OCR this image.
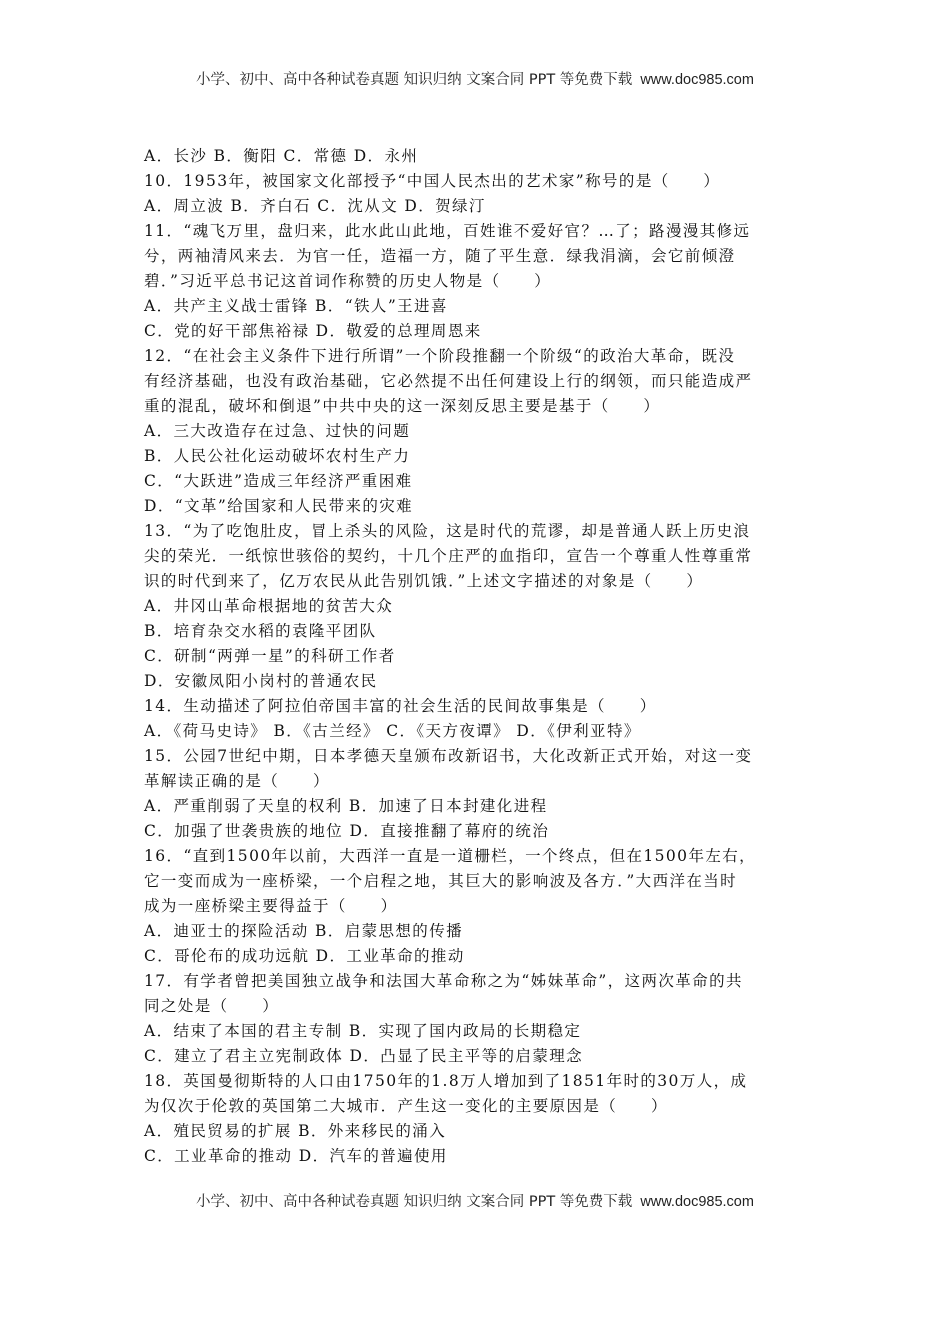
小学、初中、高中各种试卷真题 知识归纳 文案合同 PPT 等免费下载 www.doc985.com
A．长沙 B．衡阳 C．常德 D．永州
10．1953年，被国家文化部授予“中国人民杰出的艺术家”称号的是（　　）
A．周立波 B．齐白石 C．沈从文 D．贺绿汀
11．“魂飞万里，盘归来，此水此山此地，百姓谁不爱好官？…了；路漫漫其修远
兮，两袖清风来去．为官一任，造福一方，随了平生意．绿我涓滴，会它前倾澄
碧．”习近平总书记这首词作称赞的历史人物是（　　）
A．共产主义战士雷锋 B．“铁人”王进喜
C．党的好干部焦裕禄 D．敬爱的总理周恩来
12．“在社会主义条件下进行所谓”一个阶段推翻一个阶级“的政治大革命，既没
有经济基础，也没有政治基础，它必然提不出任何建设上行的纲领，而只能造成严
重的混乱，破坏和倒退”中共中央的这一深刻反思主要是基于（　　）
A．三大改造存在过急、过快的问题
B．人民公社化运动破坏农村生产力
C．“大跃进”造成三年经济严重困难
D．“文革”给国家和人民带来的灾难
13．“为了吃饱肚皮，冒上杀头的风险，这是时代的荒谬，却是普通人跃上历史浪
尖的荣光．一纸惊世骇俗的契约，十几个庄严的血指印，宣告一个尊重人性尊重常
识的时代到来了，亿万农民从此告别饥饿．”上述文字描述的对象是（　　）
A．井冈山革命根据地的贫苦大众
B．培育杂交水稻的袁隆平团队
C．研制“两弹一星”的科研工作者
D．安徽凤阳小岗村的普通农民
14．生动描述了阿拉伯帝国丰富的社会生活的民间故事集是（　　）
A．《荷马史诗》 B．《古兰经》 C．《天方夜谭》 D．《伊利亚特》
15．公园7世纪中期，日本孝德天皇颁布改新诏书，大化改新正式开始，对这一变
革解读正确的是（　　）
A．严重削弱了天皇的权利 B．加速了日本封建化进程
C．加强了世袭贵族的地位 D．直接推翻了幕府的统治
16．“直到1500年以前，大西洋一直是一道栅栏，一个终点，但在1500年左右，
它一变而成为一座桥梁，一个启程之地，其巨大的影响波及各方．”大西洋在当时
成为一座桥梁主要得益于（　　）
A．迪亚士的探险活动 B．启蒙思想的传播
C．哥伦布的成功远航 D．工业革命的推动
17．有学者曾把美国独立战争和法国大革命称之为“姊妹革命”，这两次革命的共
同之处是（　　）
A．结束了本国的君主专制 B．实现了国内政局的长期稳定
C．建立了君主立宪制政体 D．凸显了民主平等的启蒙理念
18．英国曼彻斯特的人口由1750年的1.8万人增加到了1851年时的30万人，成
为仅次于伦敦的英国第二大城市．产生这一变化的主要原因是（　　）
A．殖民贸易的扩展 B．外来移民的涌入
C．工业革命的推动 D．汽车的普遍使用
小学、初中、高中各种试卷真题 知识归纳 文案合同 PPT 等免费下载 www.doc985.com
